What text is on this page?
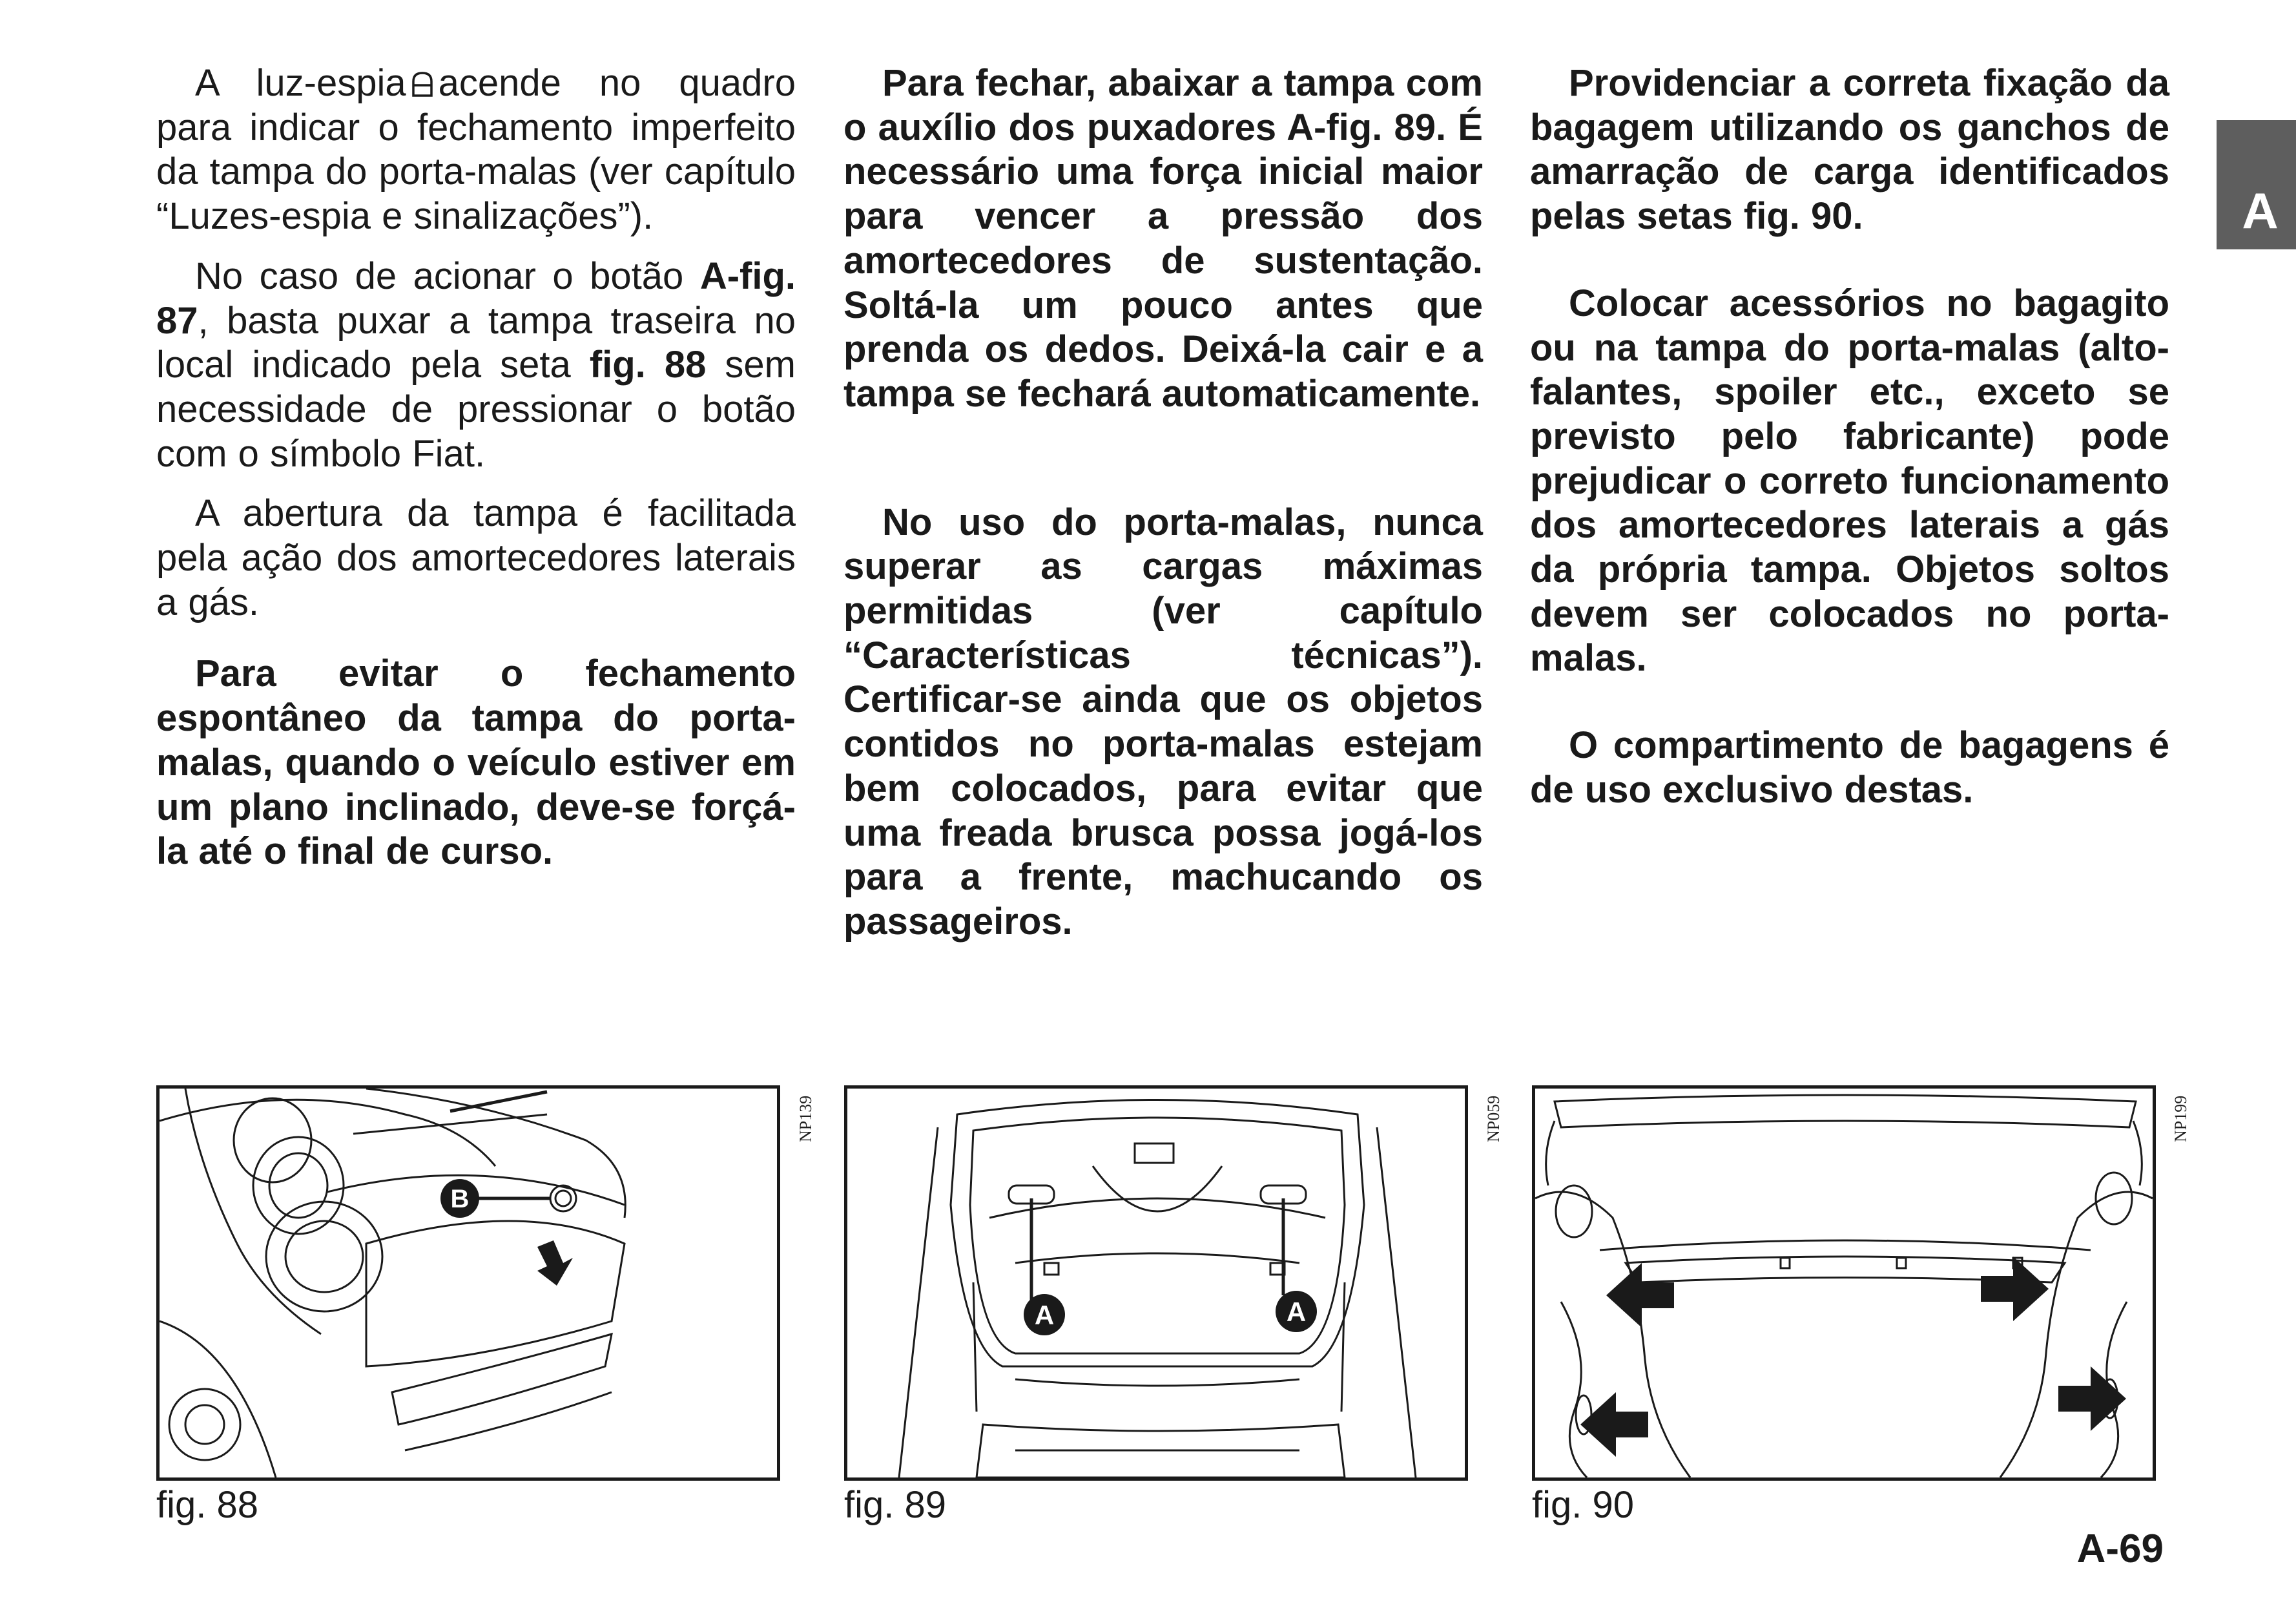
A luz-espia acende no quadro para indicar o fechamento imperfeito da tampa do porta-malas (ver capítulo “Luzes-espia e sinalizações”).

No caso de acionar o botão A-fig. 87, basta puxar a tampa traseira no local indicado pela seta fig. 88 sem necessidade de pressionar o botão com o símbolo Fiat.

A abertura da tampa é facilitada pela ação dos amortecedores laterais a gás.

Para evitar o fechamento espontâneo da tampa do porta-malas, quando o veículo estiver em um plano inclinado, deve-se forçá-la até o final de curso.

Para fechar, abaixar a tampa com o auxílio dos puxadores A-fig. 89. É necessário uma força inicial maior para vencer a pressão dos amortecedores de sustentação. Soltá-la um pouco antes que prenda os dedos. Deixá-la cair e a tampa se fechará automaticamente.

No uso do porta-malas, nunca superar as cargas máximas permitidas (ver capítulo “Características técnicas”). Certificar-se ainda que os objetos contidos no porta-malas estejam bem colocados, para evitar que uma freada brusca possa jogá-los para a frente, machucando os passageiros.

Providenciar a correta fixação da bagagem utilizando os ganchos de amarração de carga identificados pelas setas fig. 90.

Colocar acessórios no bagagito ou na tampa do porta-malas (alto-falantes, spoiler etc., exceto se previsto pelo fabricante) pode prejudicar o correto funcionamento dos amortecedores laterais a gás da própria tampa. Objetos soltos devem ser colocados no porta-malas.

O compartimento de bagagens é de uso exclusivo destas.

A
B
NP139
fig. 88
A	A
NP059
fig. 89
NP199
fig. 90
A-69
